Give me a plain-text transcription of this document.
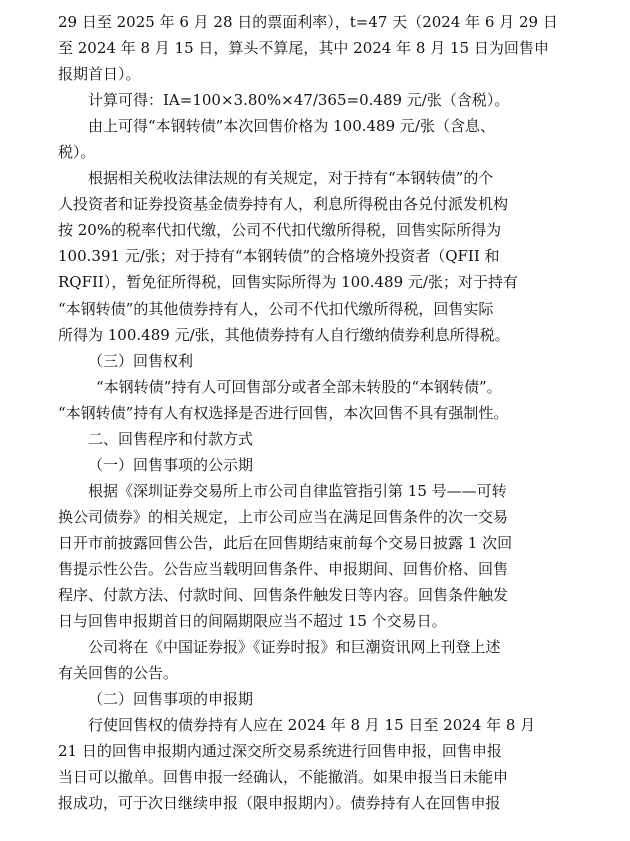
29 日至 2025 年 6 月 28 日的票面利率），t=47 天（2024 年 6 月 29 日
至 2024 年 8 月 15 日，算头不算尾，其中 2024 年 8 月 15 日为回售申
报期首日）。
计算可得：IA=100×3.80%×47/365=0.489 元/张（含税）。
由上可得“本钢转债”本次回售价格为 100.489 元/张（含息、
税）。
根据相关税收法律法规的有关规定，对于持有“本钢转债”的个
人投资者和证券投资基金债券持有人，利息所得税由各兑付派发机构
按 20%的税率代扣代缴，公司不代扣代缴所得税，回售实际所得为
100.391 元/张；对于持有“本钢转债”的合格境外投资者（QFII 和
RQFII），暂免征所得税，回售实际所得为 100.489 元/张；对于持有
“本钢转债”的其他债券持有人，公司不代扣代缴所得税，回售实际
所得为 100.489 元/张，其他债券持有人自行缴纳债券利息所得税。
（三）回售权利
“本钢转债”持有人可回售部分或者全部未转股的“本钢转债”。
“本钢转债”持有人有权选择是否进行回售，本次回售不具有强制性。
二、回售程序和付款方式
（一）回售事项的公示期
根据《深圳证券交易所上市公司自律监管指引第 15 号——可转
换公司债券》的相关规定，上市公司应当在满足回售条件的次一交易
日开市前披露回售公告，此后在回售期结束前每个交易日披露 1 次回
售提示性公告。公告应当载明回售条件、申报期间、回售价格、回售
程序、付款方法、付款时间、回售条件触发日等内容。回售条件触发
日与回售申报期首日的间隔期限应当不超过 15 个交易日。
公司将在《中国证券报》《证券时报》和巨潮资讯网上刊登上述
有关回售的公告。
（二）回售事项的申报期
行使回售权的债券持有人应在 2024 年 8 月 15 日至 2024 年 8 月
21 日的回售申报期内通过深交所交易系统进行回售申报，回售申报
当日可以撤单。回售申报一经确认，不能撤消。如果申报当日未能申
报成功，可于次日继续申报（限申报期内）。债券持有人在回售申报
